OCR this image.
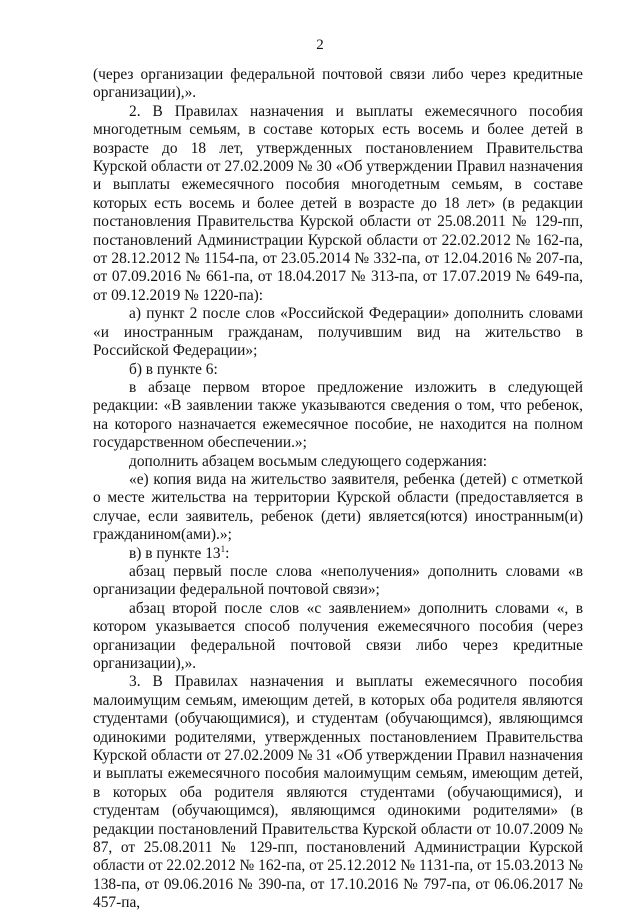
2

(через организации федеральной почтовой связи либо через кредитные организации),».

2. В Правилах назначения и выплаты ежемесячного пособия многодетным семьям, в составе которых есть восемь и более детей в возрасте до 18 лет, утвержденных постановлением Правительства Курской области от 27.02.2009 № 30 «Об утверждении Правил назначения и выплаты ежемесячного пособия многодетным семьям, в составе которых есть восемь и более детей в возрасте до 18 лет» (в редакции постановления Правительства Курской области от 25.08.2011 № 129-пп, постановлений Администрации Курской области от 22.02.2012 № 162-па, от 28.12.2012 № 1154-па, от 23.05.2014 № 332-па, от 12.04.2016 № 207-па, от 07.09.2016 № 661-па, от 18.04.2017 № 313-па, от 17.07.2019 № 649-па, от 09.12.2019 № 1220-па):

а) пункт 2 после слов «Российской Федерации» дополнить словами «и иностранным гражданам, получившим вид на жительство в Российской Федерации»;

б) в пункте 6:

в абзаце первом второе предложение изложить в следующей редакции: «В заявлении также указываются сведения о том, что ребенок, на которого назначается ежемесячное пособие, не находится на полном государственном обеспечении.»;

дополнить абзацем восьмым следующего содержания:

«е) копия вида на жительство заявителя, ребенка (детей) с отметкой о месте жительства на территории Курской области (предоставляется в случае, если заявитель, ребенок (дети) является(ются) иностранным(и) гражданином(ами).»;

в) в пункте $13^1$:

абзац первый после слова «неполучения» дополнить словами «в организации федеральной почтовой связи»;

абзац второй после слов «с заявлением» дополнить словами «, в котором указывается способ получения ежемесячного пособия (через организации федеральной почтовой связи либо через кредитные организации),».

3. В Правилах назначения и выплаты ежемесячного пособия малоимущим семьям, имеющим детей, в которых оба родителя являются студентами (обучающимися), и студентам (обучающимся), являющимся одинокими родителями, утвержденных постановлением Правительства Курской области от 27.02.2009 № 31 «Об утверждении Правил назначения и выплаты ежемесячного пособия малоимущим семьям, имеющим детей, в которых оба родителя являются студентами (обучающимися), и студентам (обучающимся), являющимся одинокими родителями» (в редакции постановлений Правительства Курской области от 10.07.2009 № 87, от 25.08.2011 № 129-пп, постановлений Администрации Курской области от 22.02.2012 № 162-па, от 25.12.2012 № 1131-па, от 15.03.2013 № 138-па, от 09.06.2016 № 390-па, от 17.10.2016 № 797-па, от 06.06.2017 № 457-па,
